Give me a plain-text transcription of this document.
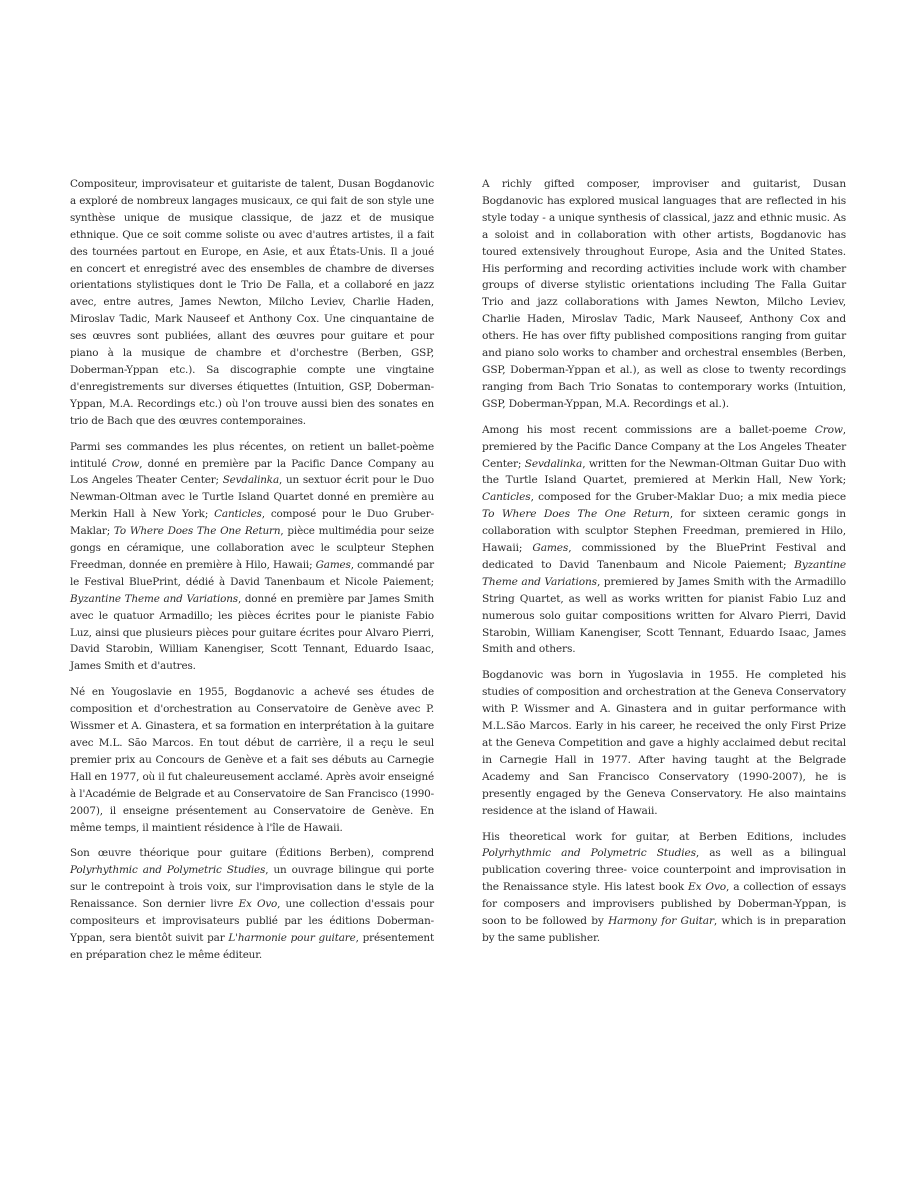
Compositeur, improvisateur et guitariste de talent, Dusan Bogdanovic a exploré de nombreux langages musicaux, ce qui fait de son style une synthèse unique de musique classique, de jazz et de musique ethnique. Que ce soit comme soliste ou avec d'autres artistes, il a fait des tournées partout en Europe, en Asie, et aux États-Unis. Il a joué en concert et enregistré avec des ensembles de chambre de diverses orientations stylistiques dont le Trio De Falla, et a collaboré en jazz avec, entre autres, James Newton, Milcho Leviev, Charlie Haden, Miroslav Tadic, Mark Nauseef et Anthony Cox. Une cinquantaine de ses œuvres sont publiées, allant des œuvres pour guitare et pour piano à la musique de chambre et d'orchestre (Berben, GSP, Doberman-Yppan etc.). Sa discographie compte une vingtaine d'enregistrements sur diverses étiquettes (Intuition, GSP, Doberman-Yppan, M.A. Recordings etc.) où l'on trouve aussi bien des sonates en trio de Bach que des œuvres contemporaines.

Parmi ses commandes les plus récentes, on retient un ballet-poème intitulé Crow, donné en première par la Pacific Dance Company au Los Angeles Theater Center; Sevdalinka, un sextuor écrit pour le Duo Newman-Oltman avec le Turtle Island Quartet donné en première au Merkin Hall à New York; Canticles, composé pour le Duo Gruber-Maklar; To Where Does The One Return, pièce multimédia pour seize gongs en céramique, une collaboration avec le sculpteur Stephen Freedman, donnée en première à Hilo, Hawaii; Games, commandé par le Festival BluePrint, dédié à David Tanenbaum et Nicole Paiement; Byzantine Theme and Variations, donné en première par James Smith avec le quatuor Armadillo; les pièces écrites pour le pianiste Fabio Luz, ainsi que plusieurs pièces pour guitare écrites pour Alvaro Pierri, David Starobin, William Kanengiser, Scott Tennant, Eduardo Isaac, James Smith et d'autres.

Né en Yougoslavie en 1955, Bogdanovic a achevé ses études de composition et d'orchestration au Conservatoire de Genève avec P. Wissmer et A. Ginastera, et sa formation en interprétation à la guitare avec M.L. São Marcos. En tout début de carrière, il a reçu le seul premier prix au Concours de Genève et a fait ses débuts au Carnegie Hall en 1977, où il fut chaleureusement acclamé. Après avoir enseigné à l'Académie de Belgrade et au Conservatoire de San Francisco (1990-2007), il enseigne présentement au Conservatoire de Genève. En même temps, il maintient résidence à l'île de Hawaii.

Son œuvre théorique pour guitare (Éditions Berben), comprend Polyrhythmic and Polymetric Studies, un ouvrage bilingue qui porte sur le contrepoint à trois voix, sur l'improvisation dans le style de la Renaissance. Son dernier livre Ex Ovo, une collection d'essais pour compositeurs et improvisateurs publié par les éditions Doberman-Yppan, sera bientôt suivit par L'harmonie pour guitare, présentement en préparation chez le même éditeur.

A richly gifted composer, improviser and guitarist, Dusan Bogdanovic has explored musical languages that are reflected in his style today - a unique synthesis of classical, jazz and ethnic music. As a soloist and in collaboration with other artists, Bogdanovic has toured extensively throughout Europe, Asia and the United States. His performing and recording activities include work with chamber groups of diverse stylistic orientations including The Falla Guitar Trio and jazz collaborations with James Newton, Milcho Leviev, Charlie Haden, Miroslav Tadic, Mark Nauseef, Anthony Cox and others. He has over fifty published compositions ranging from guitar and piano solo works to chamber and orchestral ensembles (Berben, GSP, Doberman-Yppan et al.), as well as close to twenty recordings ranging from Bach Trio Sonatas to contemporary works (Intuition, GSP, Doberman-Yppan, M.A. Recordings et al.).

Among his most recent commissions are a ballet-poeme Crow, premiered by the Pacific Dance Company at the Los Angeles Theater Center; Sevdalinka, written for the Newman-Oltman Guitar Duo with the Turtle Island Quartet, premiered at Merkin Hall, New York; Canticles, composed for the Gruber-Maklar Duo; a mix media piece To Where Does The One Return, for sixteen ceramic gongs in collaboration with sculptor Stephen Freedman, premiered in Hilo, Hawaii; Games, commissioned by the BluePrint Festival and dedicated to David Tanenbaum and Nicole Paiement; Byzantine Theme and Variations, premiered by James Smith with the Armadillo String Quartet, as well as works written for pianist Fabio Luz and numerous solo guitar compositions written for Alvaro Pierri, David Starobin, William Kanengiser, Scott Tennant, Eduardo Isaac, James Smith and others.

Bogdanovic was born in Yugoslavia in 1955. He completed his studies of composition and orchestration at the Geneva Conservatory with P. Wissmer and A. Ginastera and in guitar performance with M.L.São Marcos. Early in his career, he received the only First Prize at the Geneva Competition and gave a highly acclaimed debut recital in Carnegie Hall in 1977. After having taught at the Belgrade Academy and San Francisco Conservatory (1990-2007), he is presently engaged by the Geneva Conservatory. He also maintains residence at the island of Hawaii.

His theoretical work for guitar, at Berben Editions, includes Polyrhythmic and Polymetric Studies, as well as a bilingual publication covering three- voice counterpoint and improvisation in the Renaissance style. His latest book Ex Ovo, a collection of essays for composers and improvisers published by Doberman-Yppan, is soon to be followed by Harmony for Guitar, which is in preparation by the same publisher.
